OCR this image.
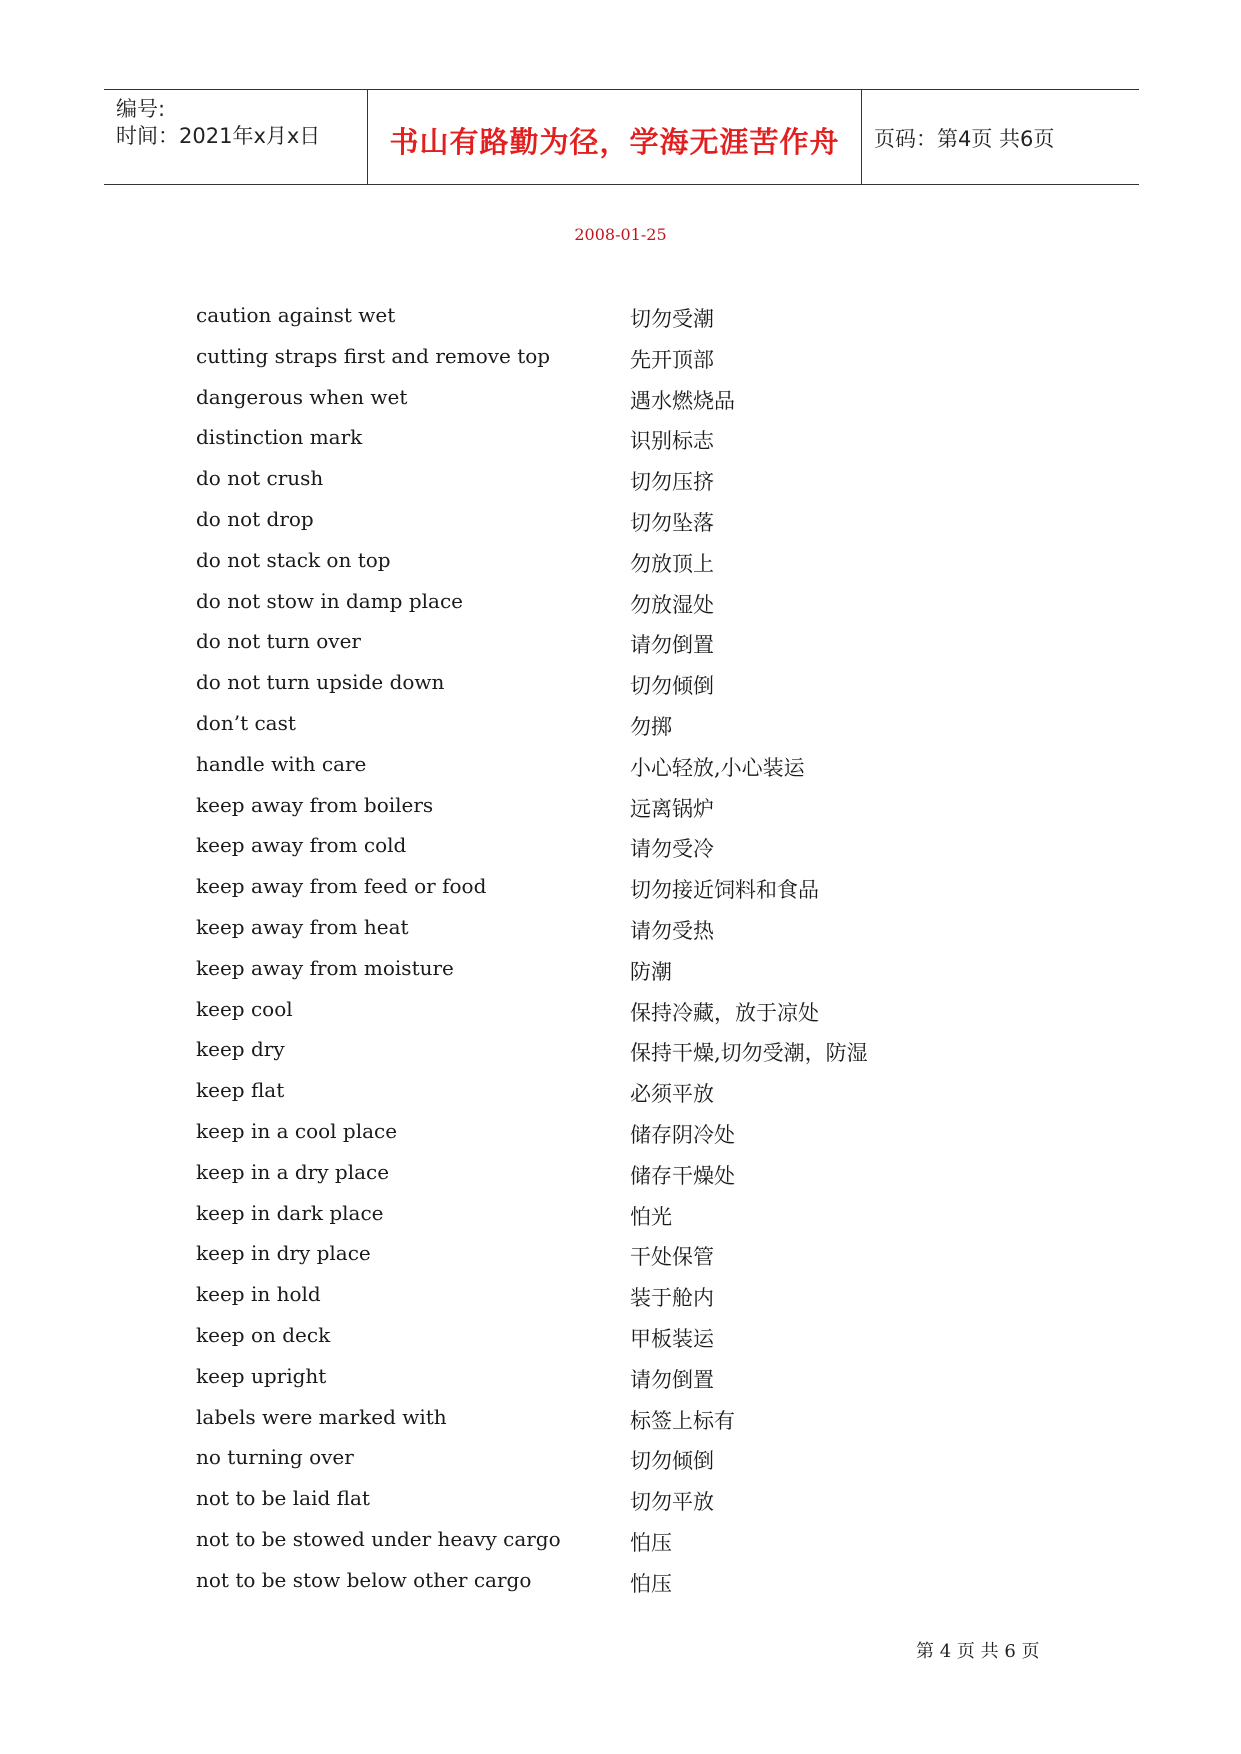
编号:
时间：2021年x月x日	书山有路勤为径，学海无涯苦作舟	页码：第4页 共6页
2008-01-25
caution against wet	切勿受潮
cutting straps first and remove top	先开顶部
dangerous when wet	遇水燃烧品
distinction mark	识别标志
do not crush	切勿压挤
do not drop	切勿坠落
do not stack on top	勿放顶上
do not stow in damp place	勿放湿处
do not turn over	请勿倒置
do not turn upside down	切勿倾倒
don’t cast	勿掷
handle with care	小心轻放,小心装运
keep away from boilers	远离锅炉
keep away from cold	请勿受冷
keep away from feed or food	切勿接近饲料和食品
keep away from heat	请勿受热
keep away from moisture	防潮
keep cool	保持冷藏，放于凉处
keep dry	保持干燥,切勿受潮，防湿
keep flat	必须平放
keep in a cool place	储存阴冷处
keep in a dry place	储存干燥处
keep in dark place	怕光
keep in dry place	干处保管
keep in hold	装于舱内
keep on deck	甲板装运
keep upright	请勿倒置
labels were marked with	标签上标有
no turning over	切勿倾倒
not to be laid flat	切勿平放
not to be stowed under heavy cargo	怕压
not to be stow below other cargo	怕压
第 4 页 共 6 页
